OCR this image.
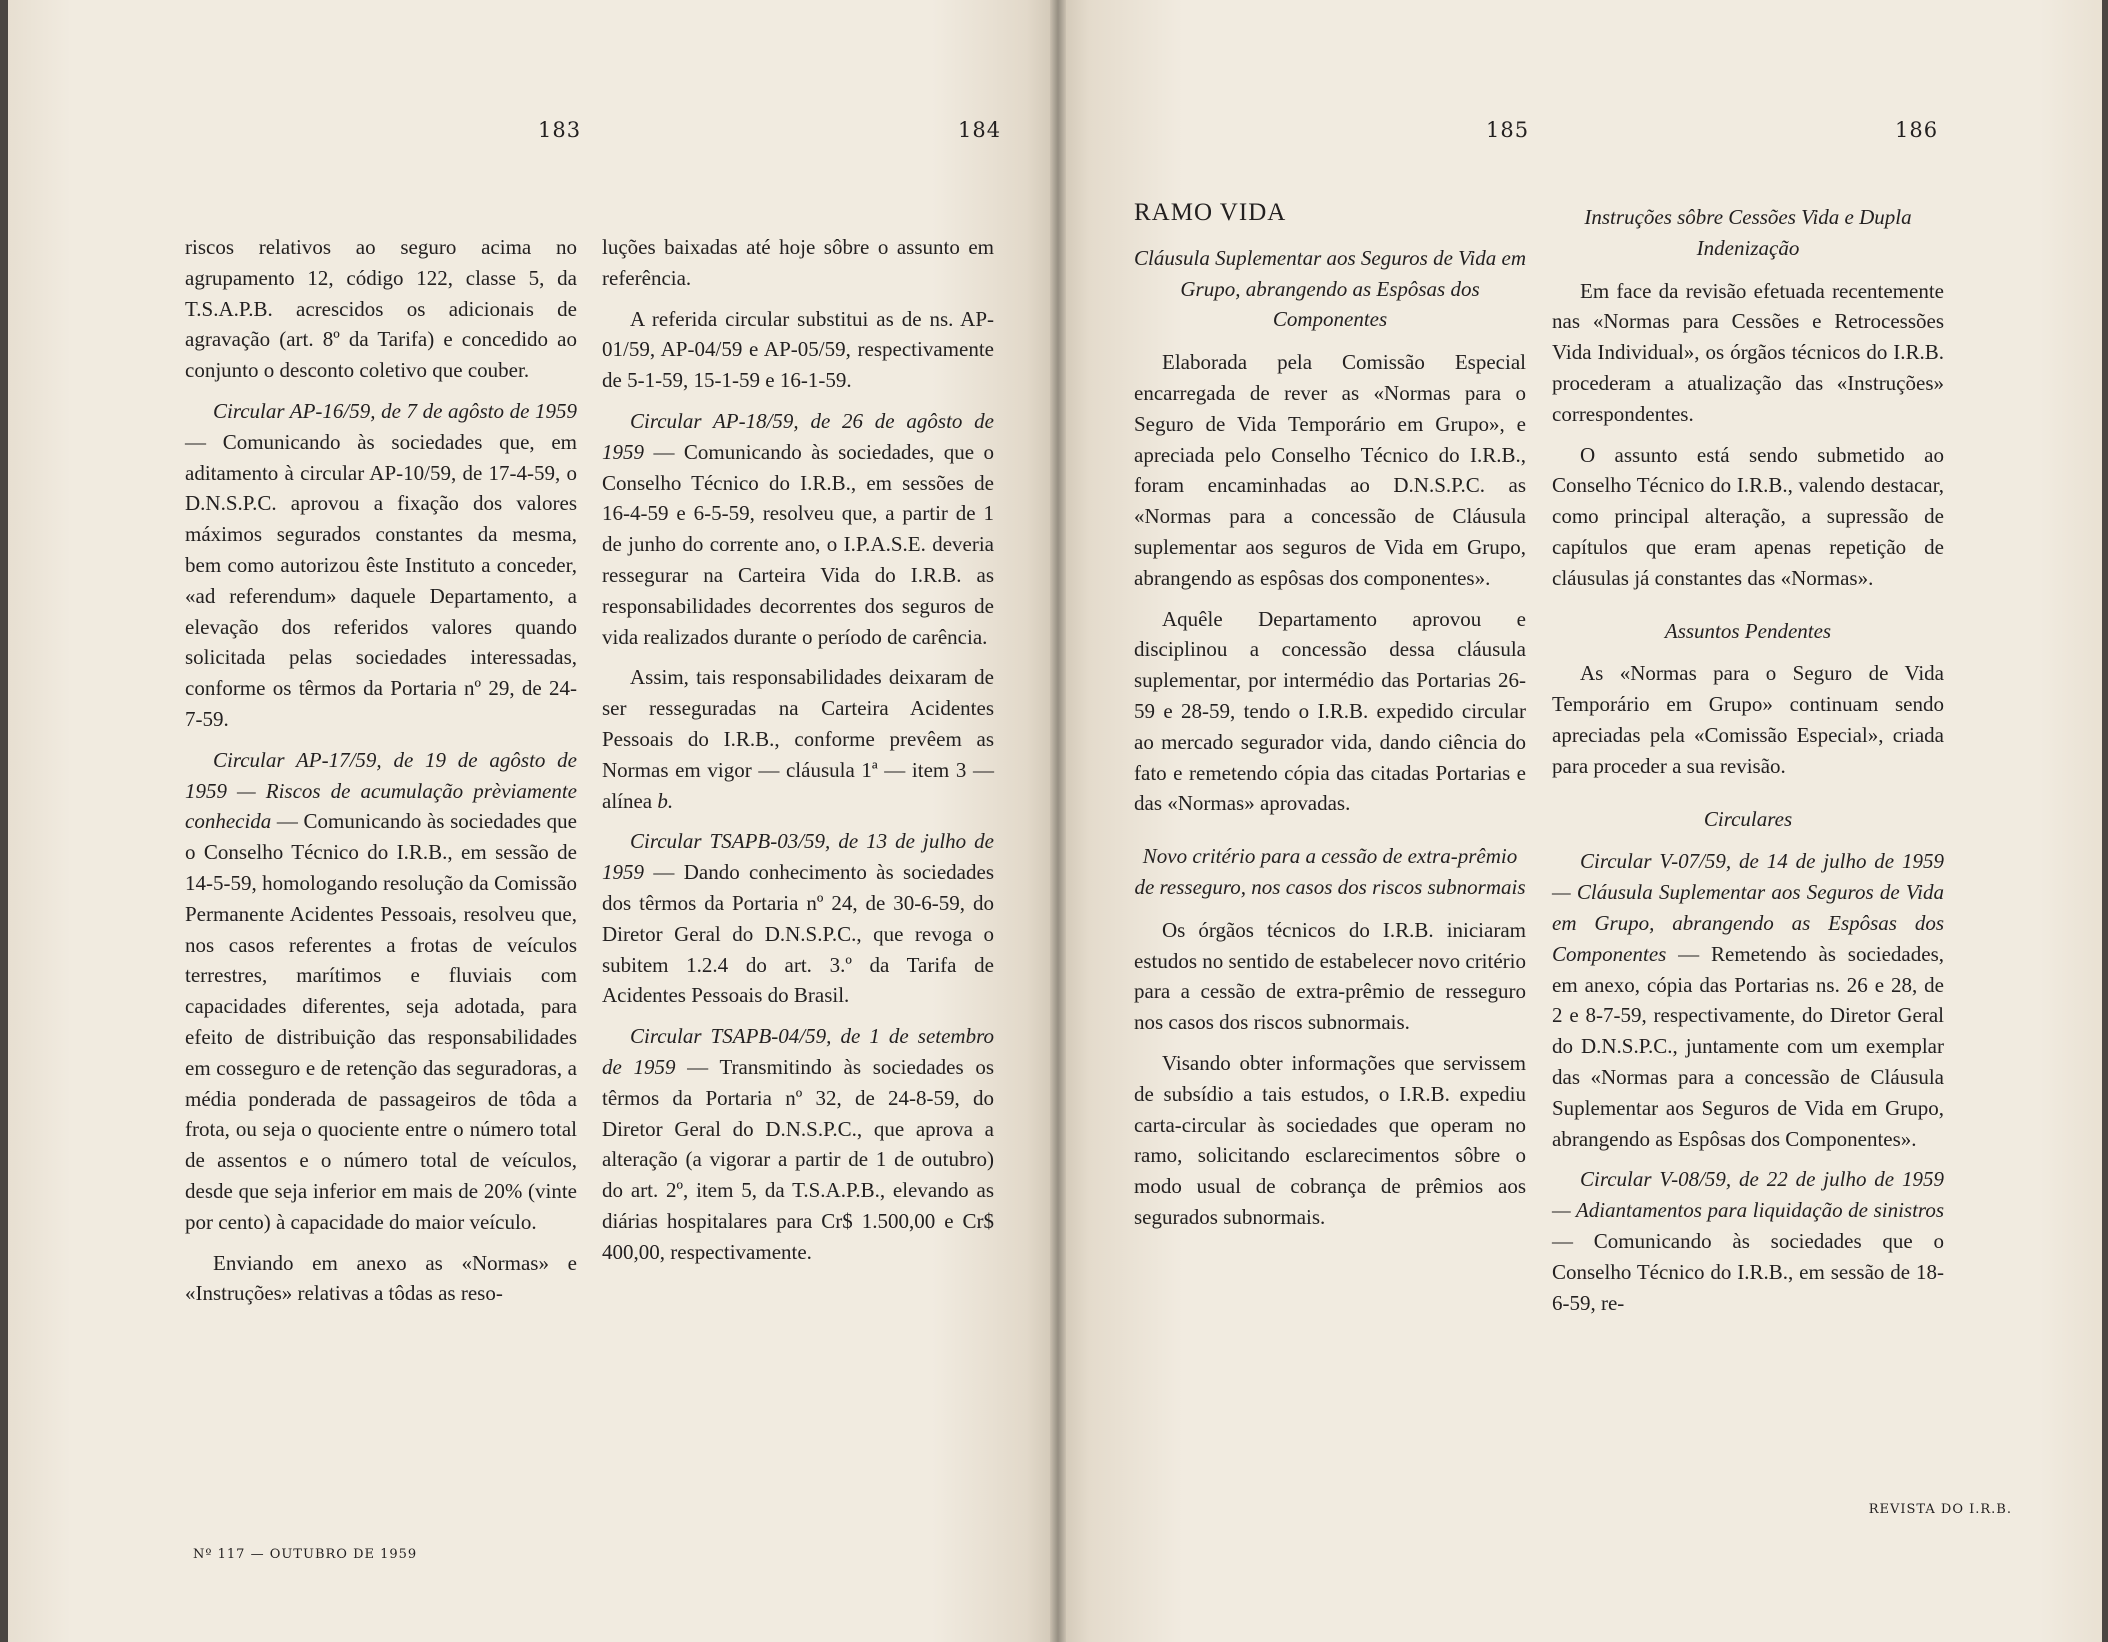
183	184

riscos relativos ao seguro acima no agrupamento 12, código 122, classe 5, da T.S.A.P.B. acrescidos os adicionais de agravação (art. 8º da Tarifa) e concedido ao conjunto o desconto coletivo que couber.

Circular AP-16/59, de 7 de agôsto de 1959 — Comunicando às sociedades que, em aditamento à circular AP-10/59, de 17-4-59, o D.N.S.P.C. aprovou a fixação dos valores máximos segurados constantes da mesma, bem como autorizou êste Instituto a conceder, «ad referendum» daquele Departamento, a elevação dos referidos valores quando solicitada pelas sociedades interessadas, conforme os têrmos da Portaria nº 29, de 24-7-59.

Circular AP-17/59, de 19 de agôsto de 1959 — Riscos de acumulação prèviamente conhecida — Comunicando às sociedades que o Conselho Técnico do I.R.B., em sessão de 14-5-59, homologando resolução da Comissão Permanente Acidentes Pessoais, resolveu que, nos casos referentes a frotas de veículos terrestres, marítimos e fluviais com capacidades diferentes, seja adotada, para efeito de distribuição das responsabilidades em cosseguro e de retenção das seguradoras, a média ponderada de passageiros de tôda a frota, ou seja o quociente entre o número total de assentos e o número total de veículos, desde que seja inferior em mais de 20% (vinte por cento) à capacidade do maior veículo.

Enviando em anexo as «Normas» e «Instruções» relativas a tôdas as reso-

luções baixadas até hoje sôbre o assunto em referência.

A referida circular substitui as de ns. AP-01/59, AP-04/59 e AP-05/59, respectivamente de 5-1-59, 15-1-59 e 16-1-59.

Circular AP-18/59, de 26 de agôsto de 1959 — Comunicando às sociedades, que o Conselho Técnico do I.R.B., em sessões de 16-4-59 e 6-5-59, resolveu que, a partir de 1 de junho do corrente ano, o I.P.A.S.E. deveria ressegurar na Carteira Vida do I.R.B. as responsabilidades decorrentes dos seguros de vida realizados durante o período de carência.

Assim, tais responsabilidades deixaram de ser resseguradas na Carteira Acidentes Pessoais do I.R.B., conforme prevêem as Normas em vigor — cláusula 1ª — item 3 — alínea b.

Circular TSAPB-03/59, de 13 de julho de 1959 — Dando conhecimento às sociedades dos têrmos da Portaria nº 24, de 30-6-59, do Diretor Geral do D.N.S.P.C., que revoga o subitem 1.2.4 do art. 3.º da Tarifa de Acidentes Pessoais do Brasil.

Circular TSAPB-04/59, de 1 de setembro de 1959 — Transmitindo às sociedades os têrmos da Portaria nº 32, de 24-8-59, do Diretor Geral do D.N.S.P.C., que aprova a alteração (a vigorar a partir de 1 de outubro) do art. 2º, item 5, da T.S.A.P.B., elevando as diárias hospitalares para Cr$ 1.500,00 e Cr$ 400,00, respectivamente.

Nº 117 — OUTUBRO DE 1959
185	186
RAMO VIDA
Cláusula Suplementar aos Seguros de Vida em Grupo, abrangendo as Espôsas dos Componentes

Elaborada pela Comissão Especial encarregada de rever as «Normas para o Seguro de Vida Temporário em Grupo», e apreciada pelo Conselho Técnico do I.R.B., foram encaminhadas ao D.N.S.P.C. as «Normas para a concessão de Cláusula suplementar aos seguros de Vida em Grupo, abrangendo as espôsas dos componentes».

Aquêle Departamento aprovou e disciplinou a concessão dessa cláusula suplementar, por intermédio das Portarias 26-59 e 28-59, tendo o I.R.B. expedido circular ao mercado segurador vida, dando ciência do fato e remetendo cópia das citadas Portarias e das «Normas» aprovadas.

Novo critério para a cessão de extra-prêmio de resseguro, nos casos dos riscos subnormais

Os órgãos técnicos do I.R.B. iniciaram estudos no sentido de estabelecer novo critério para a cessão de extra-prêmio de resseguro nos casos dos riscos subnormais.

Visando obter informações que servissem de subsídio a tais estudos, o I.R.B. expediu carta-circular às sociedades que operam no ramo, solicitando esclarecimentos sôbre o modo usual de cobrança de prêmios aos segurados subnormais.

Instruções sôbre Cessões Vida e Dupla Indenização

Em face da revisão efetuada recentemente nas «Normas para Cessões e Retrocessões Vida Individual», os órgãos técnicos do I.R.B. procederam a atualização das «Instruções» correspondentes.

O assunto está sendo submetido ao Conselho Técnico do I.R.B., valendo destacar, como principal alteração, a supressão de capítulos que eram apenas repetição de cláusulas já constantes das «Normas».

Assuntos Pendentes

As «Normas para o Seguro de Vida Temporário em Grupo» continuam sendo apreciadas pela «Comissão Especial», criada para proceder a sua revisão.

Circulares

Circular V-07/59, de 14 de julho de 1959 — Cláusula Suplementar aos Seguros de Vida em Grupo, abrangendo as Espôsas dos Componentes — Remetendo às sociedades, em anexo, cópia das Portarias ns. 26 e 28, de 2 e 8-7-59, respectivamente, do Diretor Geral do D.N.S.P.C., juntamente com um exemplar das «Normas para a concessão de Cláusula Suplementar aos Seguros de Vida em Grupo, abrangendo as Espôsas dos Componentes».

Circular V-08/59, de 22 de julho de 1959 — Adiantamentos para liquidação de sinistros — Comunicando às sociedades que o Conselho Técnico do I.R.B., em sessão de 18-6-59, re-

REVISTA DO I.R.B.
